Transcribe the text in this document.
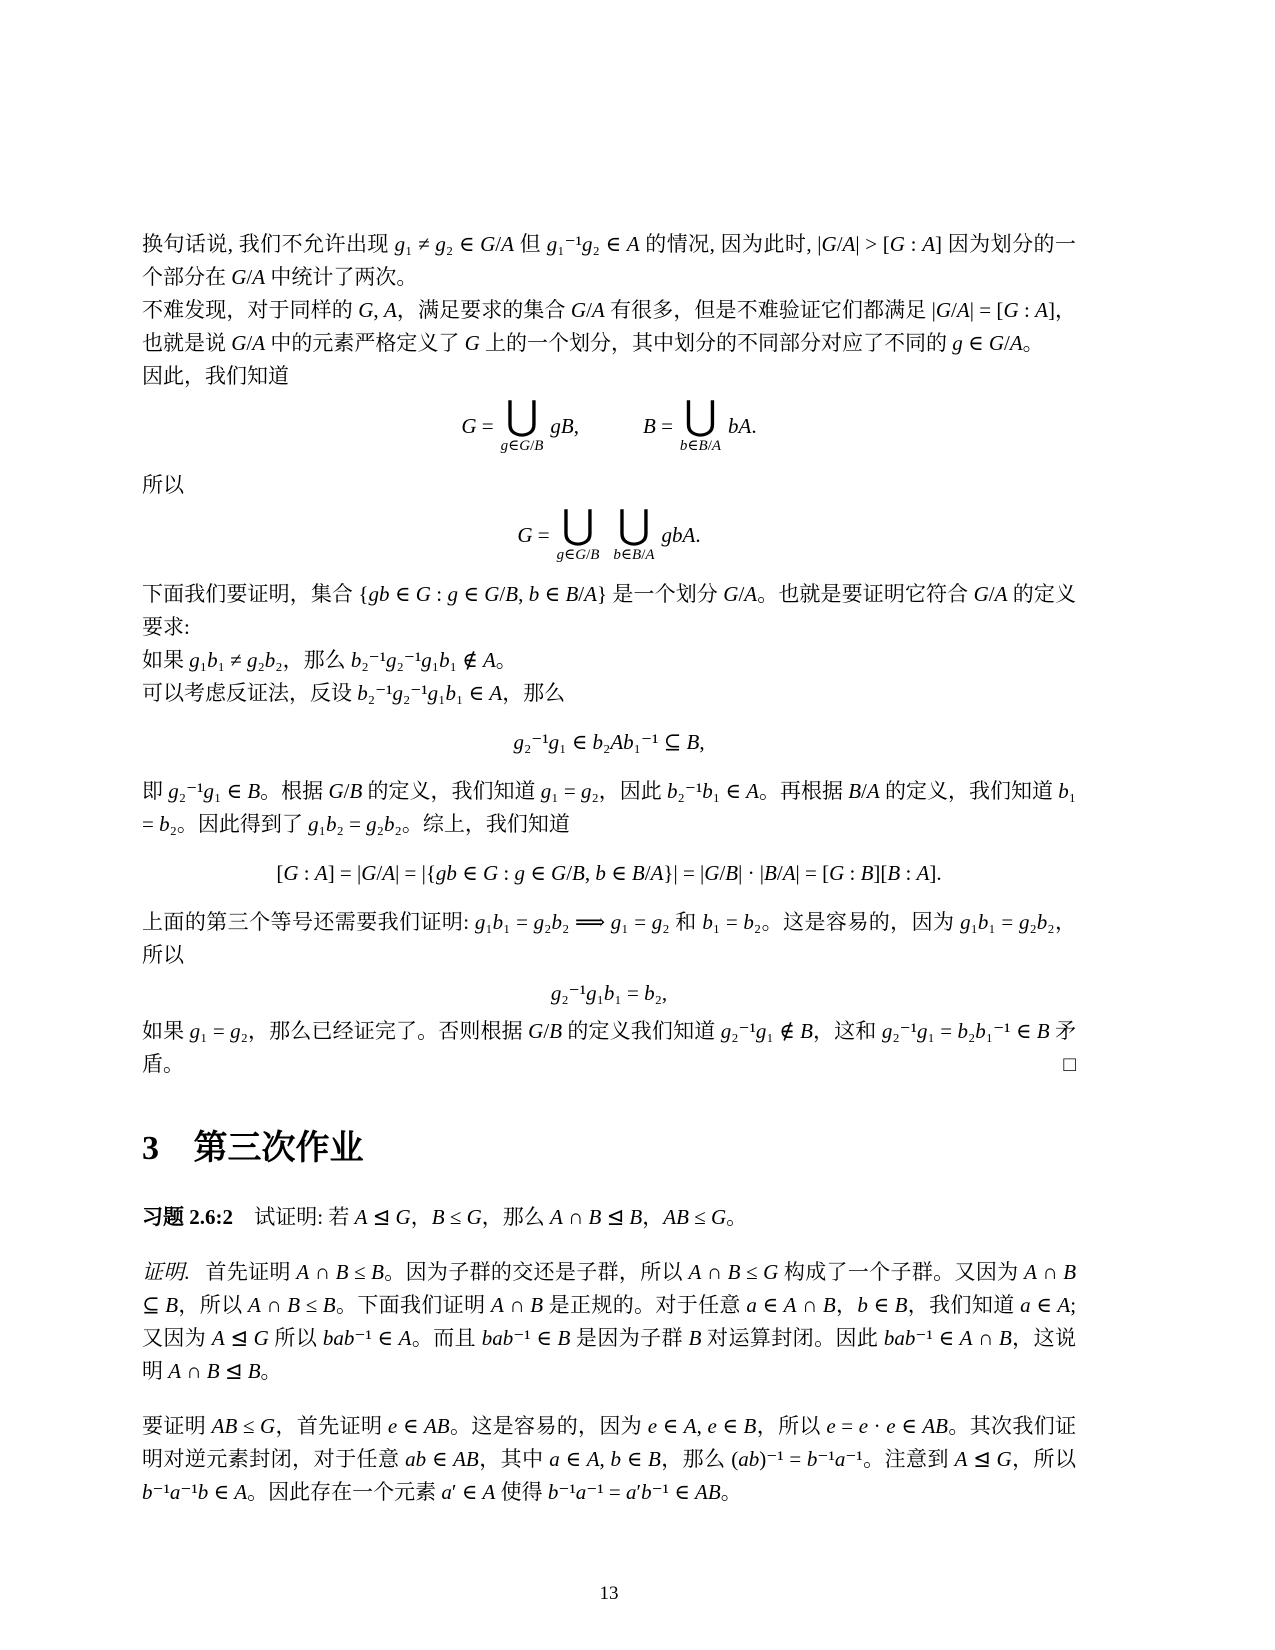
换句话说, 我们不允许出现 g₁ ≠ g₂ ∈ G/A 但 g₁⁻¹g₂ ∈ A 的情况, 因为此时, |G/A| > [G : A] 因为划分的一个部分在 G/A 中统计了两次。

不难发现，对于同样的 G, A，满足要求的集合 G/A 有很多，但是不难验证它们都满足 |G/A| = [G : A]，也就是说 G/A 中的元素严格定义了 G 上的一个划分，其中划分的不同部分对应了不同的 g ∈ G/A。

因此，我们知道

G = ⋃
g∈G/B
gB,	B = ⋃
b∈B/A
bA.

所以

G = ⋃
g∈G/B
⋃
b∈B/A
gbA.

下面我们要证明，集合 {gb ∈ G : g ∈ G/B, b ∈ B/A} 是一个划分 G/A。也就是要证明它符合 G/A 的定义要求:

如果 g₁b₁ ≠ g₂b₂，那么 b₂⁻¹g₂⁻¹g₁b₁ ∉ A。

可以考虑反证法，反设 b₂⁻¹g₂⁻¹g₁b₁ ∈ A，那么

g₂⁻¹g₁ ∈ b₂Ab₁⁻¹ ⊆ B,

即 g₂⁻¹g₁ ∈ B。根据 G/B 的定义，我们知道 g₁ = g₂，因此 b₂⁻¹b₁ ∈ A。再根据 B/A 的定义，我们知道 b₁ = b₂。因此得到了 g₁b₂ = g₂b₂。综上，我们知道

[G : A] = |G/A| = |{gb ∈ G : g ∈ G/B, b ∈ B/A}| = |G/B| · |B/A| = [G : B][B : A].

上面的第三个等号还需要我们证明: g₁b₁ = g₂b₂ ⟹ g₁ = g₂ 和 b₁ = b₂。这是容易的，因为 g₁b₁ = g₂b₂，所以

g₂⁻¹g₁b₁ = b₂,

如果 g₁ = g₂，那么已经证完了。否则根据 G/B 的定义我们知道 g₂⁻¹g₁ ∉ B，这和 g₂⁻¹g₁ = b₂b₁⁻¹ ∈ B 矛盾。	□

3 第三次作业

习题 2.6:2 试证明: 若 A ⊴ G，B ≤ G，那么 A ∩ B ⊴ B，AB ≤ G。

证明. 首先证明 A ∩ B ≤ B。因为子群的交还是子群，所以 A ∩ B ≤ G 构成了一个子群。又因为 A ∩ B ⊆ B，所以 A ∩ B ≤ B。下面我们证明 A ∩ B 是正规的。对于任意 a ∈ A ∩ B，b ∈ B，我们知道 a ∈ A; 又因为 A ⊴ G 所以 bab⁻¹ ∈ A。而且 bab⁻¹ ∈ B 是因为子群 B 对运算封闭。因此 bab⁻¹ ∈ A ∩ B，这说明 A ∩ B ⊴ B。

要证明 AB ≤ G，首先证明 e ∈ AB。这是容易的，因为 e ∈ A, e ∈ B，所以 e = e · e ∈ AB。其次我们证明对逆元素封闭，对于任意 ab ∈ AB，其中 a ∈ A, b ∈ B，那么 (ab)⁻¹ = b⁻¹a⁻¹。注意到 A ⊴ G，所以 b⁻¹a⁻¹b ∈ A。因此存在一个元素 a′ ∈ A 使得 b⁻¹a⁻¹ = a′b⁻¹ ∈ AB。

13
